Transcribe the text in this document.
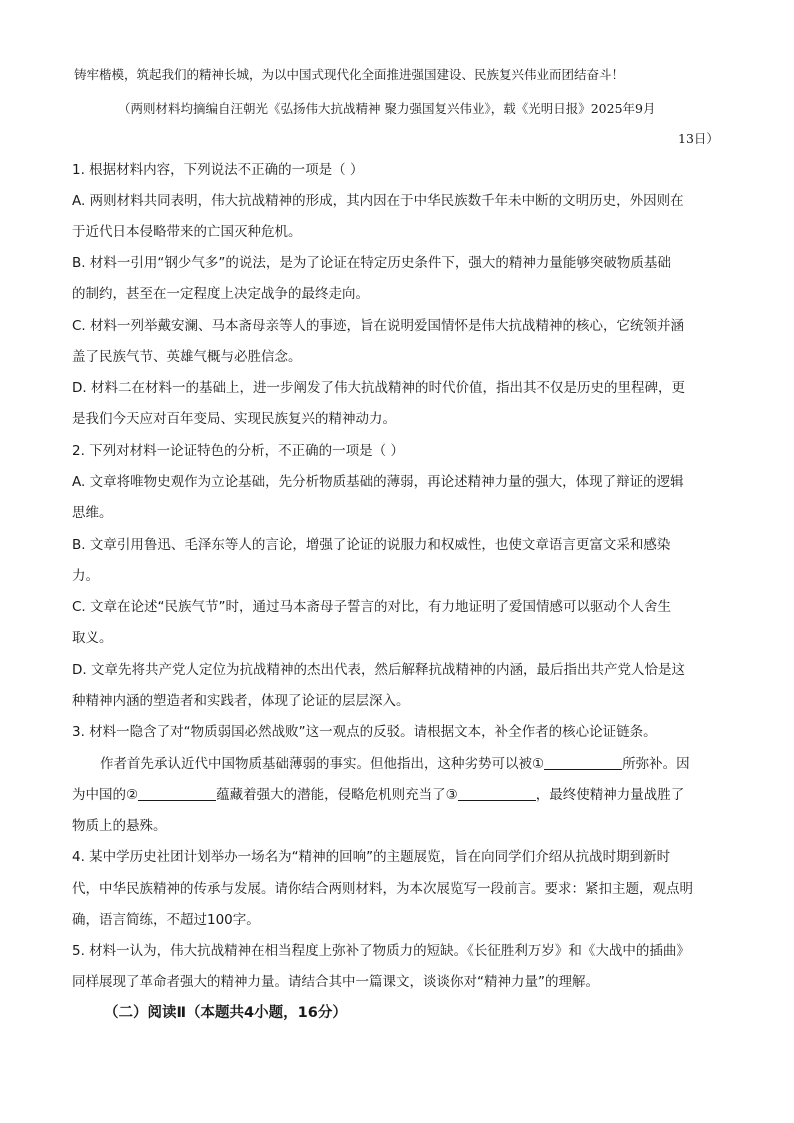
铸牢楷模，筑起我们的精神长城，为以中国式现代化全面推进强国建设、民族复兴伟业而团结奋斗！
（两则材料均摘编自汪朝光《弘扬伟大抗战精神 聚力强国复兴伟业》，载《光明日报》2025年9月
13日）
1. 根据材料内容，下列说法不正确的一项是（ ）
A. 两则材料共同表明，伟大抗战精神的形成，其内因在于中华民族数千年未中断的文明历史，外因则在
于近代日本侵略带来的亡国灭种危机。
B. 材料一引用“钢少气多”的说法，是为了论证在特定历史条件下，强大的精神力量能够突破物质基础
的制约，甚至在一定程度上决定战争的最终走向。
C. 材料一列举戴安澜、马本斋母亲等人的事迹，旨在说明爱国情怀是伟大抗战精神的核心，它统领并涵
盖了民族气节、英雄气概与必胜信念。
D. 材料二在材料一的基础上，进一步阐发了伟大抗战精神的时代价值，指出其不仅是历史的里程碑，更
是我们今天应对百年变局、实现民族复兴的精神动力。
2. 下列对材料一论证特色的分析，不正确的一项是（ ）
A. 文章将唯物史观作为立论基础，先分析物质基础的薄弱，再论述精神力量的强大，体现了辩证的逻辑
思维。
B. 文章引用鲁迅、毛泽东等人的言论，增强了论证的说服力和权威性，也使文章语言更富文采和感染
力。
C. 文章在论述“民族气节”时，通过马本斋母子誓言的对比，有力地证明了爱国情感可以驱动个人舍生
取义。
D. 文章先将共产党人定位为抗战精神的杰出代表，然后解释抗战精神的内涵，最后指出共产党人恰是这
种精神内涵的塑造者和实践者，体现了论证的层层深入。
3. 材料一隐含了对“物质弱国必然战败”这一观点的反驳。请根据文本，补全作者的核心论证链条。
作者首先承认近代中国物质基础薄弱的事实。但他指出，这种劣势可以被①	所弥补。因
为中国的②	蕴藏着强大的潜能，侵略危机则充当了③	，最终使精神力量战胜了
物质上的悬殊。
4. 某中学历史社团计划举办一场名为“精神的回响”的主题展览，旨在向同学们介绍从抗战时期到新时
代，中华民族精神的传承与发展。请你结合两则材料，为本次展览写一段前言。要求：紧扣主题，观点明
确，语言简练，不超过100字。
5. 材料一认为，伟大抗战精神在相当程度上弥补了物质力的短缺。《长征胜利万岁》和《大战中的插曲》
同样展现了革命者强大的精神力量。请结合其中一篇课文，谈谈你对“精神力量”的理解。
（二）阅读Ⅱ（本题共4小题，16分）
